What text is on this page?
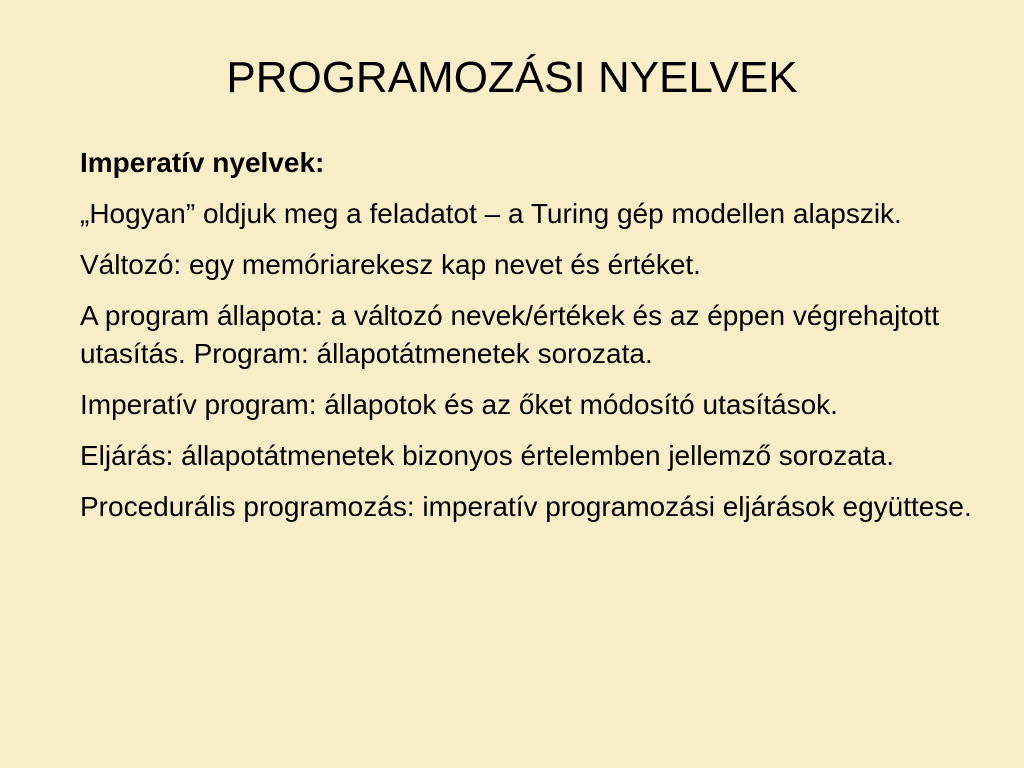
PROGRAMOZÁSI NYELVEK

Imperatív nyelvek:

„Hogyan” oldjuk meg a feladatot – a Turing gép modellen alapszik.

Változó: egy memóriarekesz kap nevet és értéket.

A program állapota: a változó nevek/értékek és az éppen végrehajtott utasítás. Program: állapotátmenetek sorozata.

Imperatív program: állapotok és az őket módosító utasítások.

Eljárás: állapotátmenetek bizonyos értelemben jellemző sorozata.

Procedurális programozás: imperatív programozási eljárások együttese.
